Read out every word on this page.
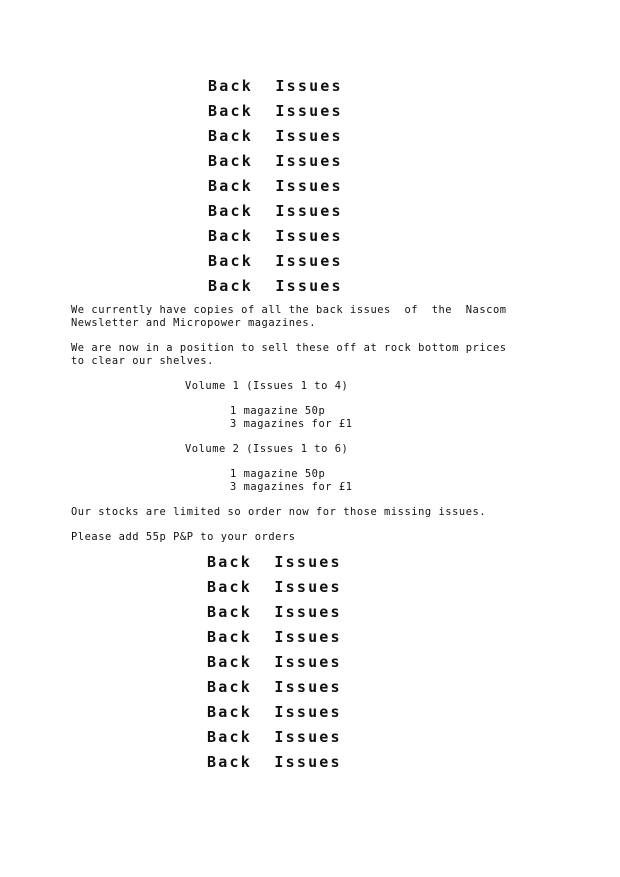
Back  Issues
Back  Issues
Back  Issues
Back  Issues
Back  Issues
Back  Issues
Back  Issues
Back  Issues
Back  Issues
We currently have copies of all the back issues  of  the  Nascom
Newsletter and Micropower magazines.
We are now in a position to sell these off at rock bottom prices
to clear our shelves.
Volume 1 (Issues 1 to 4)
1 magazine 50p
3 magazines for £1
Volume 2 (Issues 1 to 6)
1 magazine 50p
3 magazines for £1
Our stocks are limited so order now for those missing issues.
Please add 55p P&P to your orders
Back  Issues
Back  Issues
Back  Issues
Back  Issues
Back  Issues
Back  Issues
Back  Issues
Back  Issues
Back  Issues
